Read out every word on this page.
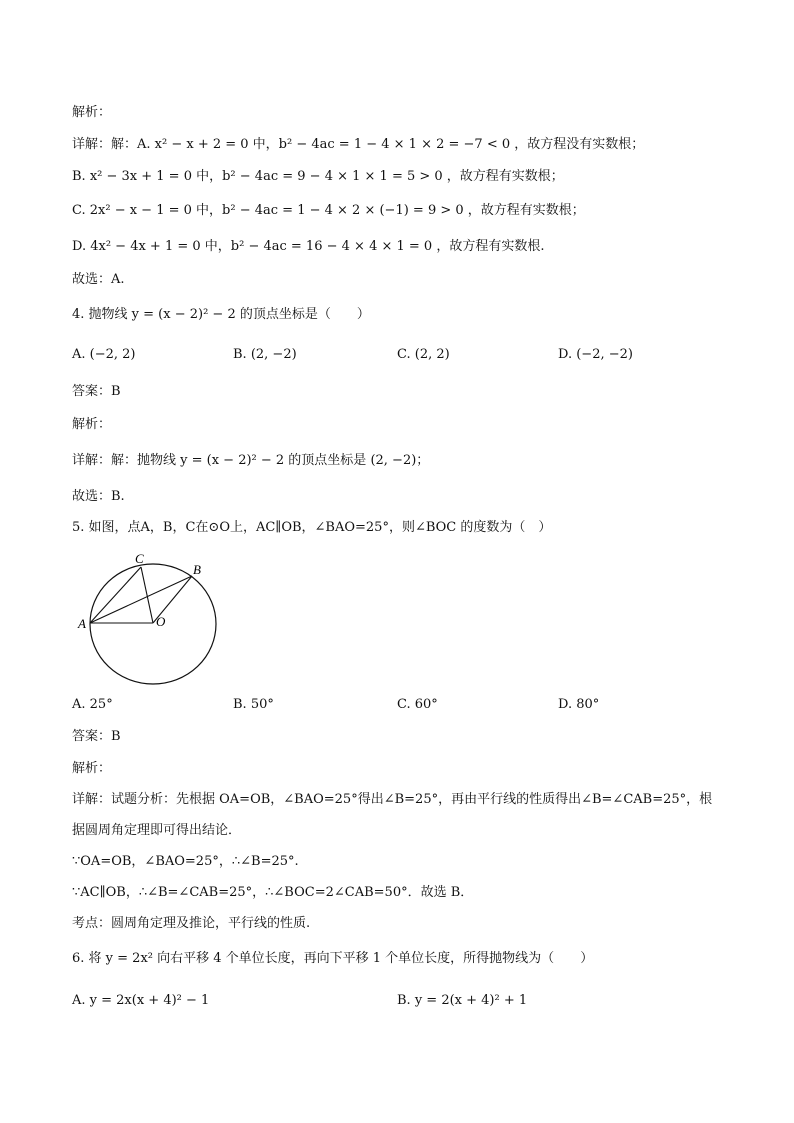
解析：
详解：解：A. x² − x + 2 = 0 中，b² − 4ac = 1 − 4 × 1 × 2 = −7 < 0 ，故方程没有实数根；
B. x² − 3x + 1 = 0 中，b² − 4ac = 9 − 4 × 1 × 1 = 5 > 0 ，故方程有实数根；
C. 2x² − x − 1 = 0 中，b² − 4ac = 1 − 4 × 2 × (−1) = 9 > 0 ，故方程有实数根；
D. 4x² − 4x + 1 = 0 中，b² − 4ac = 16 − 4 × 4 × 1 = 0 ，故方程有实数根.
故选：A.
4. 抛物线 y = (x − 2)² − 2 的顶点坐标是（　　）
A. (−2, 2)	B. (2, −2)	C. (2, 2)	D. (−2, −2)
答案：B
解析：
详解：解：抛物线 y = (x − 2)² − 2 的顶点坐标是 (2, −2)；
故选：B.
5. 如图，点A，B，C在⊙O上，AC∥OB，∠BAO=25°，则∠BOC 的度数为（　）
C
B
A	O
A. 25°	B. 50°	C. 60°	D. 80°
答案：B
解析：
详解：试题分析：先根据 OA=OB，∠BAO=25°得出∠B=25°，再由平行线的性质得出∠B=∠CAB=25°，根
据圆周角定理即可得出结论．
∵OA=OB，∠BAO=25°，∴∠B=25°.
∵AC∥OB，∴∠B=∠CAB=25°，∴∠BOC=2∠CAB=50°．故选 B．
考点：圆周角定理及推论，平行线的性质.
6. 将 y = 2x² 向右平移 4 个单位长度，再向下平移 1 个单位长度，所得抛物线为（　　）
A. y = 2x(x + 4)² − 1	B. y = 2(x + 4)² + 1
